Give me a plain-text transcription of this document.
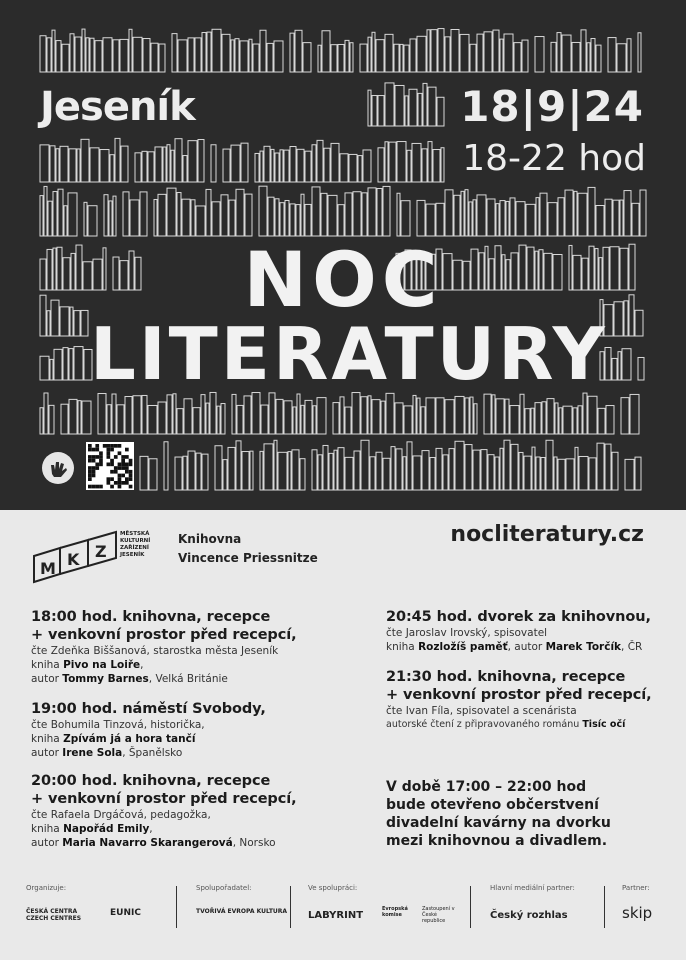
Jeseník	18|9|24
18-22 hod
NOC
LITERATURY
M K Z
MĚSTSKÁ
KULTURNÍ
ZAŘÍZENÍ
JESENÍK
Knihovna
Vincence Priessnitze
nocliteratury.cz
18:00 hod. knihovna, recepce
+ venkovní prostor před recepcí,
čte Zdeňka Biššanová, starostka města Jeseník
kniha Pivo na Loiře,
autor Tommy Barnes, Velká Británie
19:00 hod. náměstí Svobody,
čte Bohumila Tinzová, historička,
kniha Zpívám já a hora tančí
autor Irene Sola, Španělsko
20:00 hod. knihovna, recepce
+ venkovní prostor před recepcí,
čte Rafaela Drgáčová, pedagožka,
kniha Napořád Emily,
autor Maria Navarro Skarangerová, Norsko
20:45 hod. dvorek za knihovnou,
čte Jaroslav Irovský, spisovatel
kniha Rozložíš paměť, autor Marek Torčík, ČR
21:30 hod. knihovna, recepce
+ venkovní prostor před recepcí,
čte Ivan Fíla, spisovatel a scenárista
autorské čtení z připravovaného románu Tisíc očí
V době 17:00 – 22:00 hod
bude otevřeno občerstvení
divadelní kavárny na dvorku
mezi knihovnou a divadlem.
Organizuje:
ČESKÁ CENTRA CZECH CENTRES
EUNIC
Spolupořadatel:
TVOŘIVÁ EVROPA KULTURA
Ve spolupráci:
LABYRINT
Evropská komise
Zastoupení v České republice
Hlavní mediální partner:
Český rozhlas
Partner:
skip
